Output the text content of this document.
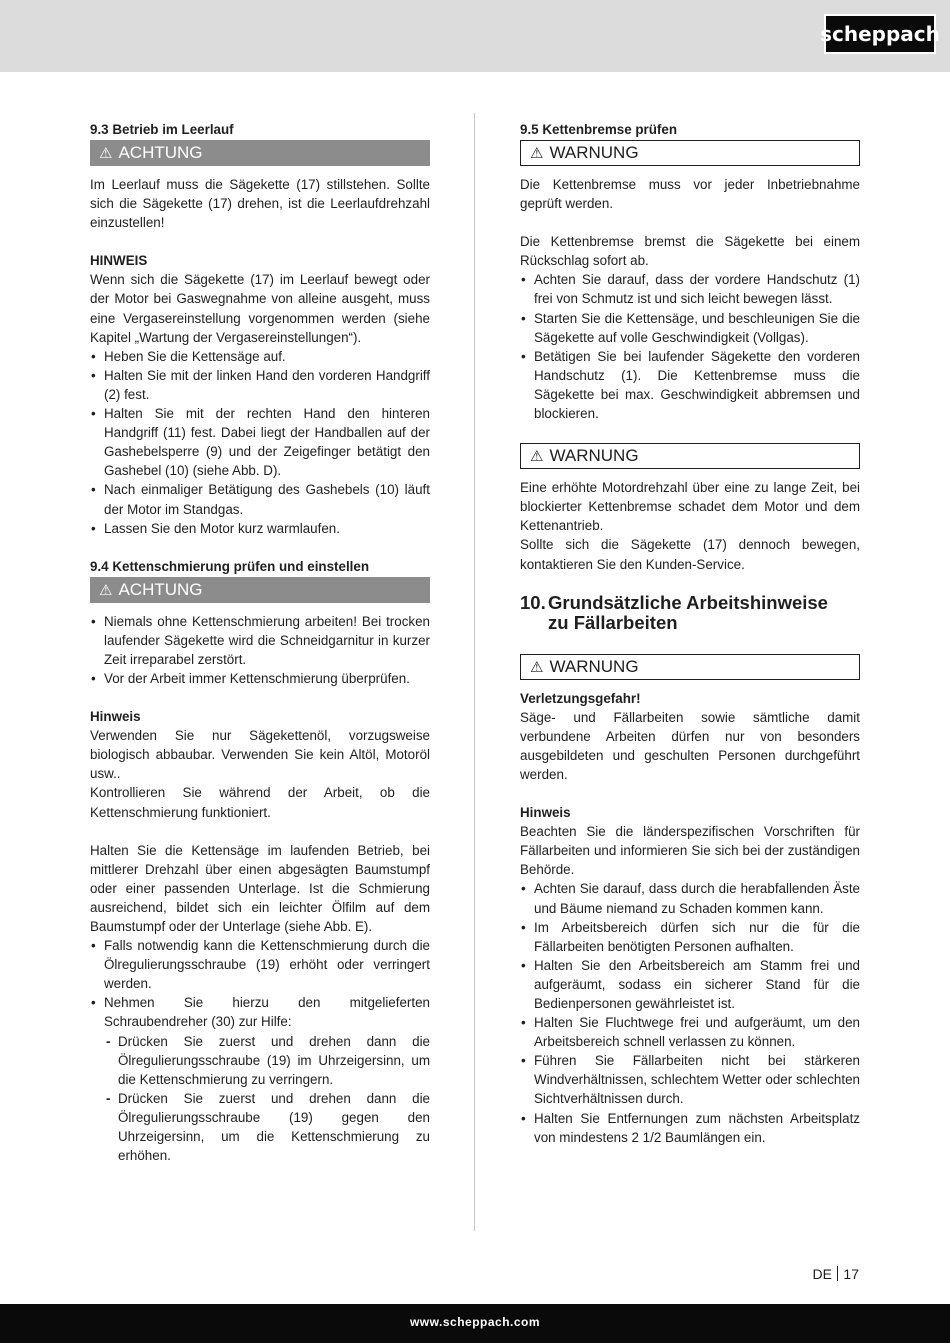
scheppach

9.3 Betrieb im Leerlauf

⚠ ACHTUNG

Im Leerlauf muss die Sägekette (17) stillstehen. Sollte sich die Sägekette (17) drehen, ist die Leerlaufdrehzahl einzustellen!

HINWEIS

Wenn sich die Sägekette (17) im Leerlauf bewegt oder der Motor bei Gaswegnahme von alleine ausgeht, muss eine Vergasereinstellung vorgenommen werden (siehe Kapitel „Wartung der Vergasereinstellungen“).

• Heben Sie die Kettensäge auf.
• Halten Sie mit der linken Hand den vorderen Handgriff (2) fest.
• Halten Sie mit der rechten Hand den hinteren Handgriff (11) fest. Dabei liegt der Handballen auf der Gashebelsperre (9) und der Zeigefinger betätigt den Gashebel (10) (siehe Abb. D).
• Nach einmaliger Betätigung des Gashebels (10) läuft der Motor im Standgas.
• Lassen Sie den Motor kurz warmlaufen.

9.4 Kettenschmierung prüfen und einstellen

⚠ ACHTUNG
• Niemals ohne Kettenschmierung arbeiten! Bei trocken laufender Sägekette wird die Schneidgarnitur in kurzer Zeit irreparabel zerstört.
• Vor der Arbeit immer Kettenschmierung überprüfen.

Hinweis

Verwenden Sie nur Sägekettenöl, vorzugsweise biologisch abbaubar. Verwenden Sie kein Altöl, Motoröl usw..

Kontrollieren Sie während der Arbeit, ob die Kettenschmierung funktioniert.

Halten Sie die Kettensäge im laufenden Betrieb, bei mittlerer Drehzahl über einen abgesägten Baumstumpf oder einer passenden Unterlage. Ist die Schmierung ausreichend, bildet sich ein leichter Ölfilm auf dem Baumstumpf oder der Unterlage (siehe Abb. E).

• Falls notwendig kann die Kettenschmierung durch die Ölregulierungsschraube (19) erhöht oder verringert werden.
• Nehmen Sie hierzu den mitgelieferten Schraubendreher (30) zur Hilfe:
- Drücken Sie zuerst und drehen dann die Ölregulierungsschraube (19) im Uhrzeigersinn, um die Kettenschmierung zu verringern.
- Drücken Sie zuerst und drehen dann die Ölregulierungsschraube (19) gegen den Uhrzeigersinn, um die Kettenschmierung zu erhöhen.

9.5 Kettenbremse prüfen

⚠ WARNUNG

Die Kettenbremse muss vor jeder Inbetriebnahme geprüft werden.

Die Kettenbremse bremst die Sägekette bei einem Rückschlag sofort ab.

• Achten Sie darauf, dass der vordere Handschutz (1) frei von Schmutz ist und sich leicht bewegen lässt.
• Starten Sie die Kettensäge, und beschleunigen Sie die Sägekette auf volle Geschwindigkeit (Vollgas).
• Betätigen Sie bei laufender Sägekette den vorderen Handschutz (1). Die Kettenbremse muss die Sägekette bei max. Geschwindigkeit abbremsen und blockieren.
⚠ WARNUNG

Eine erhöhte Motordrehzahl über eine zu lange Zeit, bei blockierter Kettenbremse schadet dem Motor und dem Kettenantrieb.

Sollte sich die Sägekette (17) dennoch bewegen, kontaktieren Sie den Kunden-Service.

10. Grundsätzliche Arbeitshinweise
zu Fällarbeiten
⚠ WARNUNG

Verletzungsgefahr!

Säge- und Fällarbeiten sowie sämtliche damit verbundene Arbeiten dürfen nur von besonders ausgebildeten und geschulten Personen durchgeführt werden.

Hinweis

Beachten Sie die länderspezifischen Vorschriften für Fällarbeiten und informieren Sie sich bei der zuständigen Behörde.

• Achten Sie darauf, dass durch die herabfallenden Äste und Bäume niemand zu Schaden kommen kann.
• Im Arbeitsbereich dürfen sich nur die für die Fällarbeiten benötigten Personen aufhalten.
• Halten Sie den Arbeitsbereich am Stamm frei und aufgeräumt, sodass ein sicherer Stand für die Bedienpersonen gewährleistet ist.
• Halten Sie Fluchtwege frei und aufgeräumt, um den Arbeitsbereich schnell verlassen zu können.
• Führen Sie Fällarbeiten nicht bei stärkeren Windverhältnissen, schlechtem Wetter oder schlechten Sichtverhältnissen durch.
• Halten Sie Entfernungen zum nächsten Arbeitsplatz von mindestens 2 1/2 Baumlängen ein.
DE 17
www.scheppach.com
